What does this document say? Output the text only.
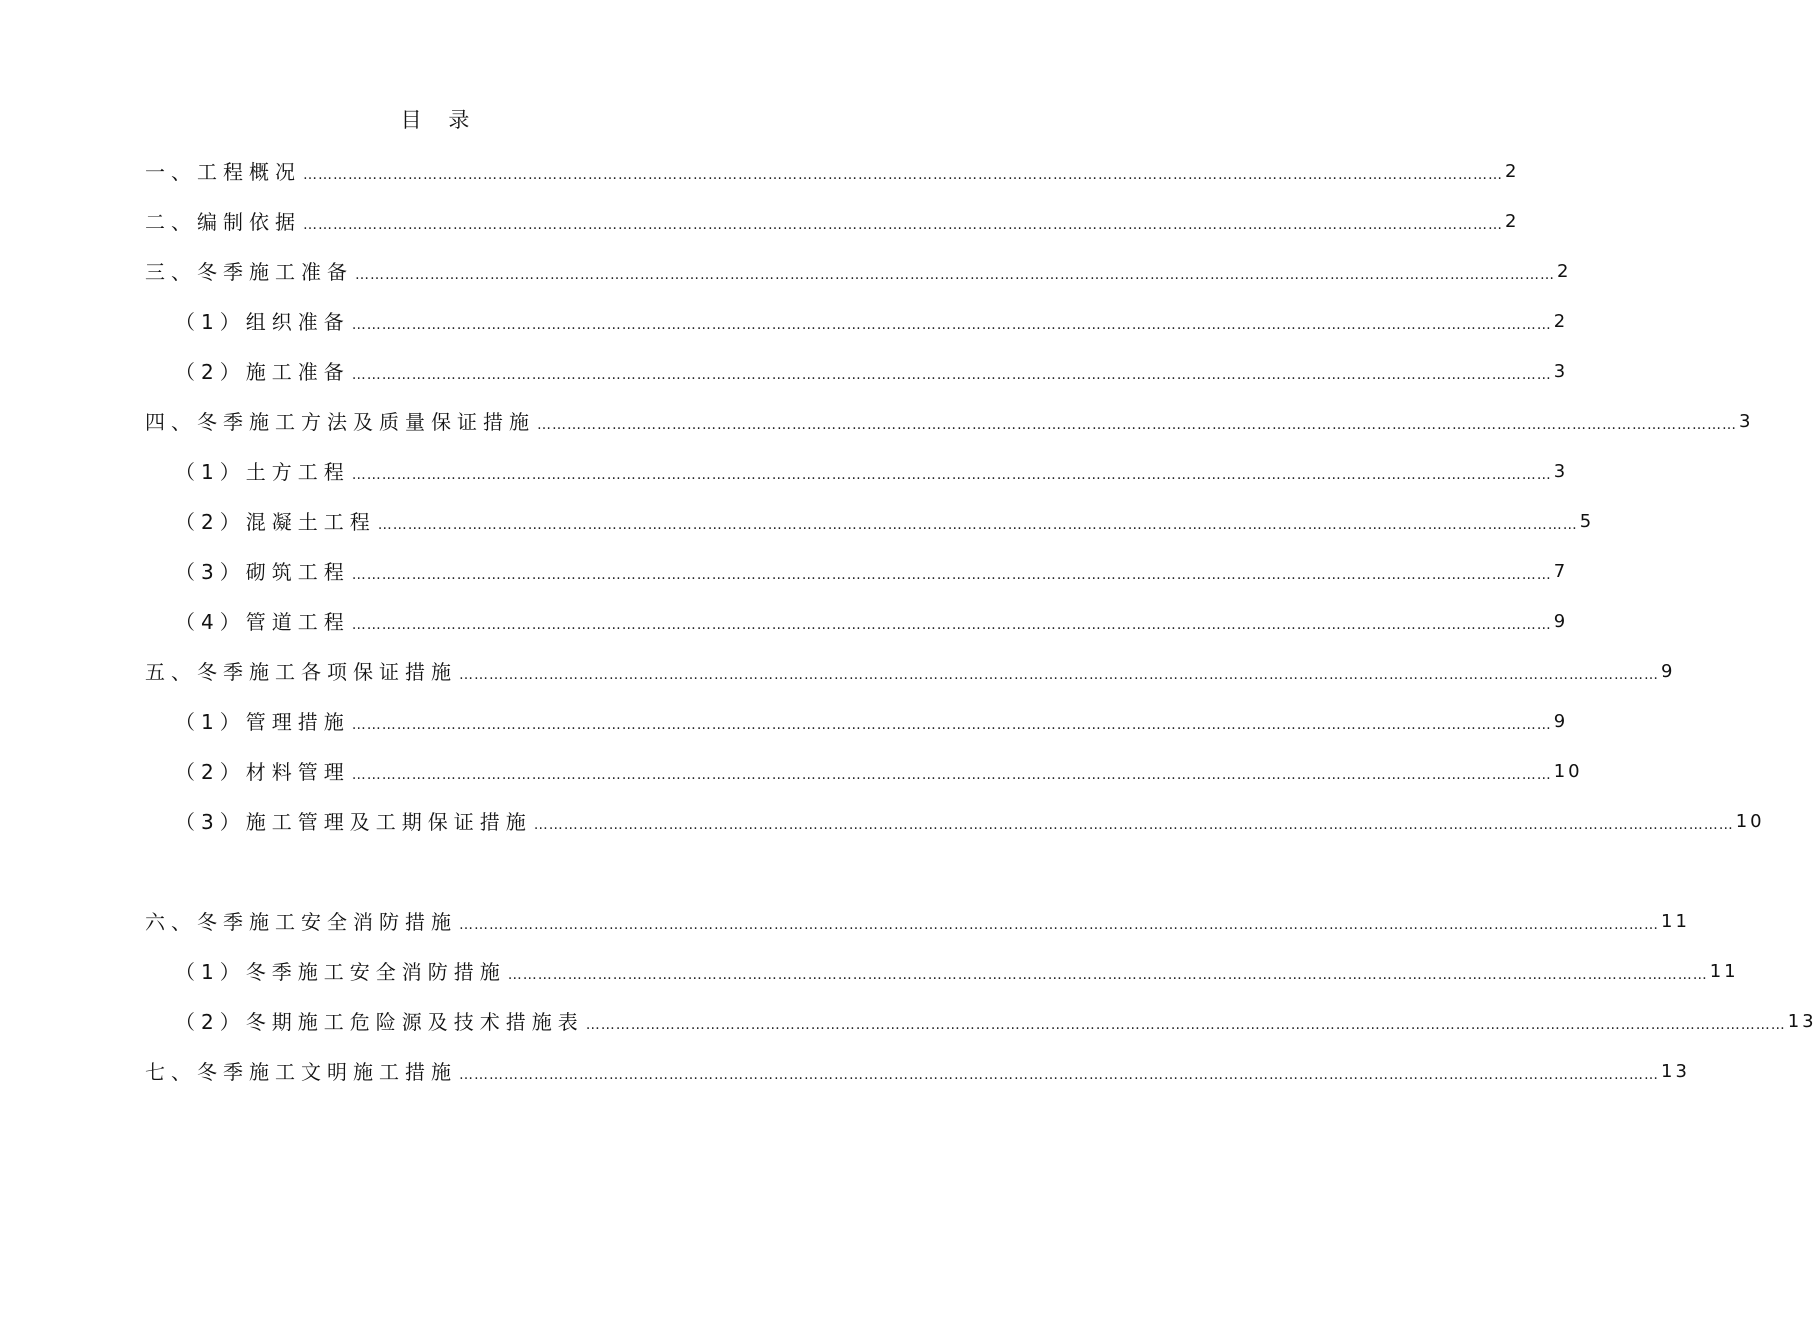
目 录
一、工程概况 …………………………………………………………………………………………………………………………………………………………………………………………………………………… 2
二、编制依据 …………………………………………………………………………………………………………………………………………………………………………………………………………………… 2
三、冬季施工准备 …………………………………………………………………………………………………………………………………………………………………………………………………………………… 2
（1）组织准备 …………………………………………………………………………………………………………………………………………………………………………………………………………………… 2
（2）施工准备 …………………………………………………………………………………………………………………………………………………………………………………………………………………… 3
四、冬季施工方法及质量保证措施 …………………………………………………………………………………………………………………………………………………………………………………………………………………… 3
（1）土方工程 …………………………………………………………………………………………………………………………………………………………………………………………………………………… 3
（2）混凝土工程 …………………………………………………………………………………………………………………………………………………………………………………………………………………… 5
（3）砌筑工程 …………………………………………………………………………………………………………………………………………………………………………………………………………………… 7
（4）管道工程 …………………………………………………………………………………………………………………………………………………………………………………………………………………… 9
五、冬季施工各项保证措施 …………………………………………………………………………………………………………………………………………………………………………………………………………………… 9
（1）管理措施 …………………………………………………………………………………………………………………………………………………………………………………………………………………… 9
（2）材料管理 …………………………………………………………………………………………………………………………………………………………………………………………………………………… 10
（3）施工管理及工期保证措施 …………………………………………………………………………………………………………………………………………………………………………………………………………………… 10
六、冬季施工安全消防措施 …………………………………………………………………………………………………………………………………………………………………………………………………………………… 11
（1）冬季施工安全消防措施 …………………………………………………………………………………………………………………………………………………………………………………………………………………… 11
（2）冬期施工危险源及技术措施表 …………………………………………………………………………………………………………………………………………………………………………………………………………………… 13
七、冬季施工文明施工措施 …………………………………………………………………………………………………………………………………………………………………………………………………………………… 13
